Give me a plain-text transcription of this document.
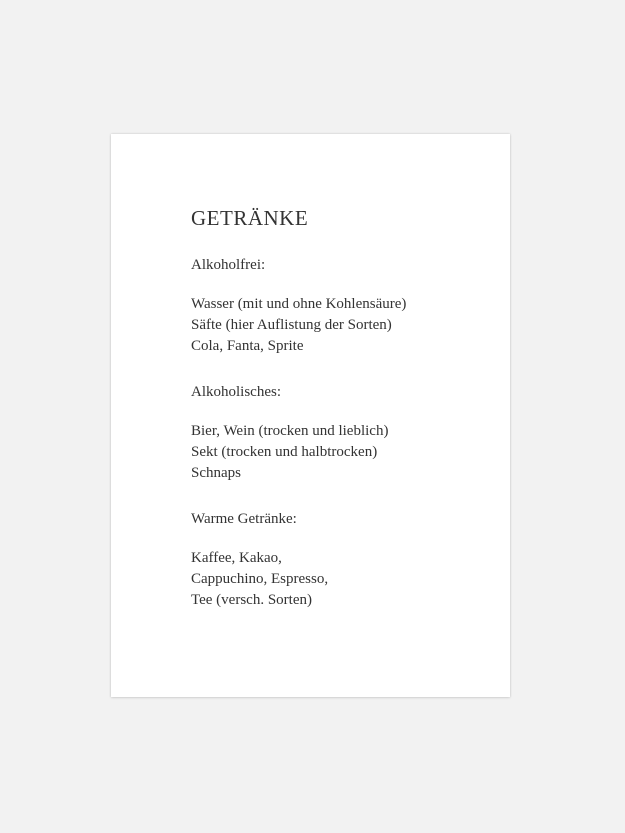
GETRÄNKE

Alkoholfrei:

Wasser (mit und ohne Kohlensäure)
Säfte (hier Auflistung der Sorten)
Cola, Fanta, Sprite

Alkoholisches:

Bier, Wein (trocken und lieblich)
Sekt (trocken und halbtrocken)
Schnaps

Warme Getränke:

Kaffee, Kakao,
Cappuchino, Espresso,
Tee (versch. Sorten)
